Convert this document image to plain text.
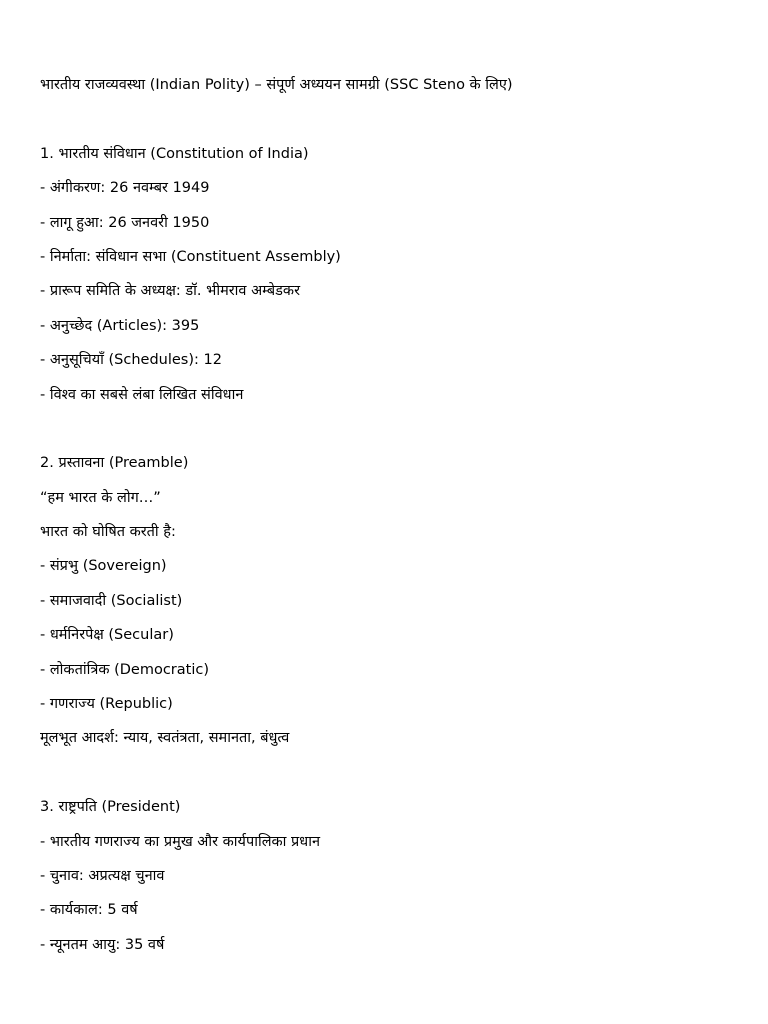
भारतीय राजव्यवस्था (Indian Polity) – संपूर्ण अध्ययन सामग्री (SSC Steno के लिए)
1. भारतीय संविधान (Constitution of India)
- अंगीकरण: 26 नवम्बर 1949
- लागू हुआ: 26 जनवरी 1950
- निर्माता: संविधान सभा (Constituent Assembly)
- प्रारूप समिति के अध्यक्ष: डॉ. भीमराव अम्बेडकर
- अनुच्छेद (Articles): 395
- अनुसूचियाँ (Schedules): 12
- विश्व का सबसे लंबा लिखित संविधान
2. प्रस्तावना (Preamble)
“हम भारत के लोग…”
भारत को घोषित करती है:
- संप्रभु (Sovereign)
- समाजवादी (Socialist)
- धर्मनिरपेक्ष (Secular)
- लोकतांत्रिक (Democratic)
- गणराज्य (Republic)
मूलभूत आदर्श: न्याय, स्वतंत्रता, समानता, बंधुत्व
3. राष्ट्रपति (President)
- भारतीय गणराज्य का प्रमुख और कार्यपालिका प्रधान
- चुनाव: अप्रत्यक्ष चुनाव
- कार्यकाल: 5 वर्ष
- न्यूनतम आयु: 35 वर्ष
